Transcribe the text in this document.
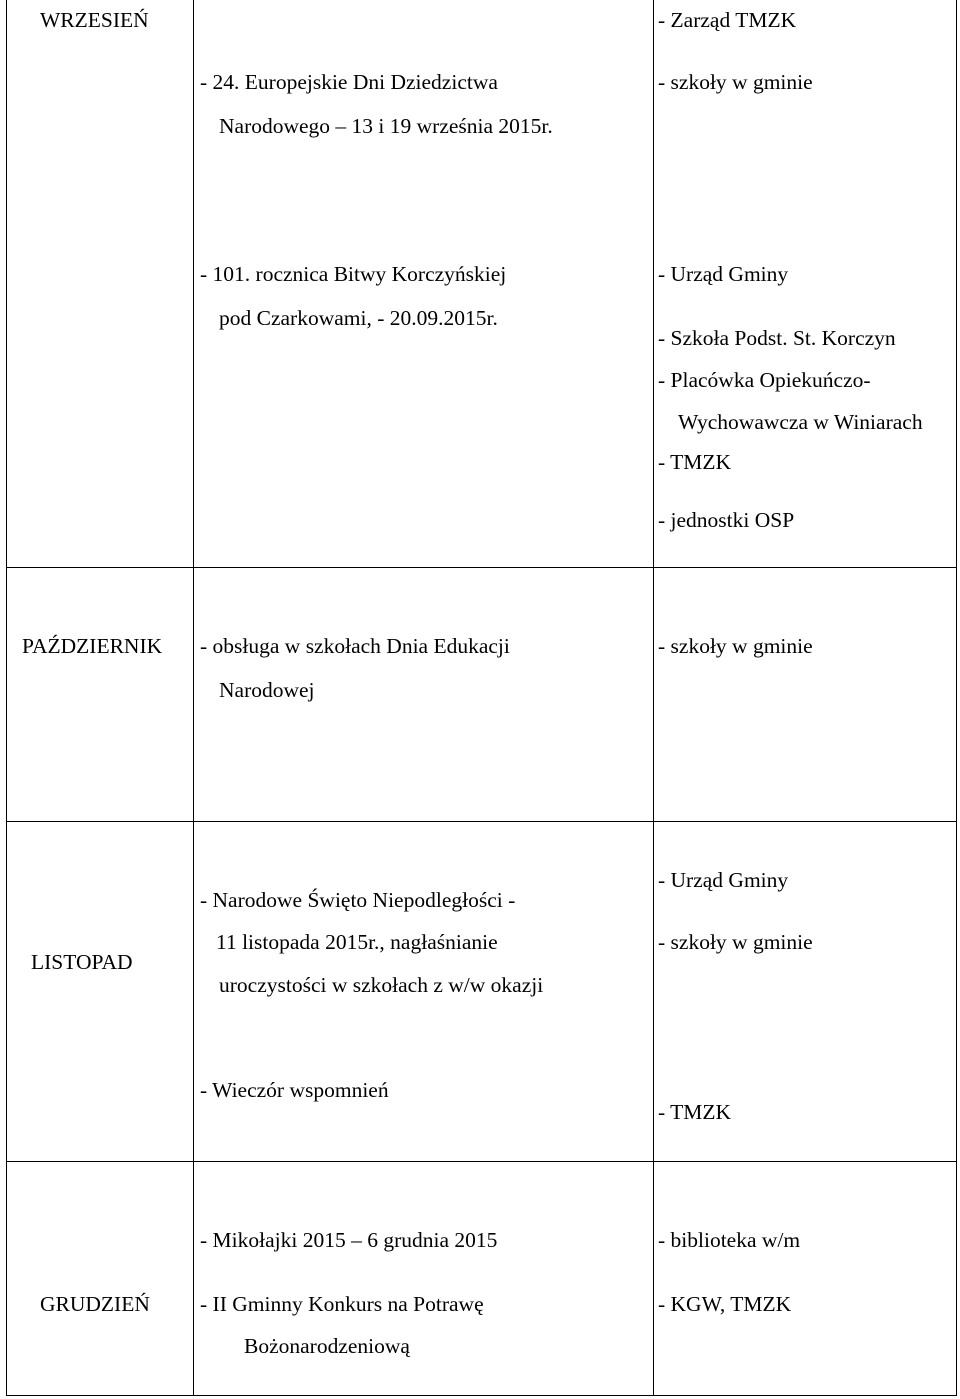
WRZESIEŃ
- 24. Europejskie Dni Dziedzictwa
Narodowego – 13 i 19 września 2015r.
- Zarząd TMZK
- szkoły w gminie
- 101. rocznica Bitwy Korczyńskiej
pod Czarkowami, - 20.09.2015r.
- Urząd Gminy
- Szkoła Podst. St. Korczyn
- Placówka Opiekuńczo-
Wychowawcza w Winiarach
- TMZK
- jednostki OSP
PAŹDZIERNIK - obsługa w szkołach Dnia Edukacji
Narodowej
- szkoły w gminie
LISTOPAD
- Narodowe Święto Niepodległości -
11 listopada 2015r., nagłaśnianie
uroczystości w szkołach z w/w okazji
- Urząd Gminy
- szkoły w gminie
- Wieczór wspomnień
- TMZK
GRUDZIEŃ
- Mikołajki 2015 – 6 grudnia 2015	- biblioteka w/m
- II Gminny Konkurs na Potrawę
Bożonarodzeniową
- KGW, TMZK
